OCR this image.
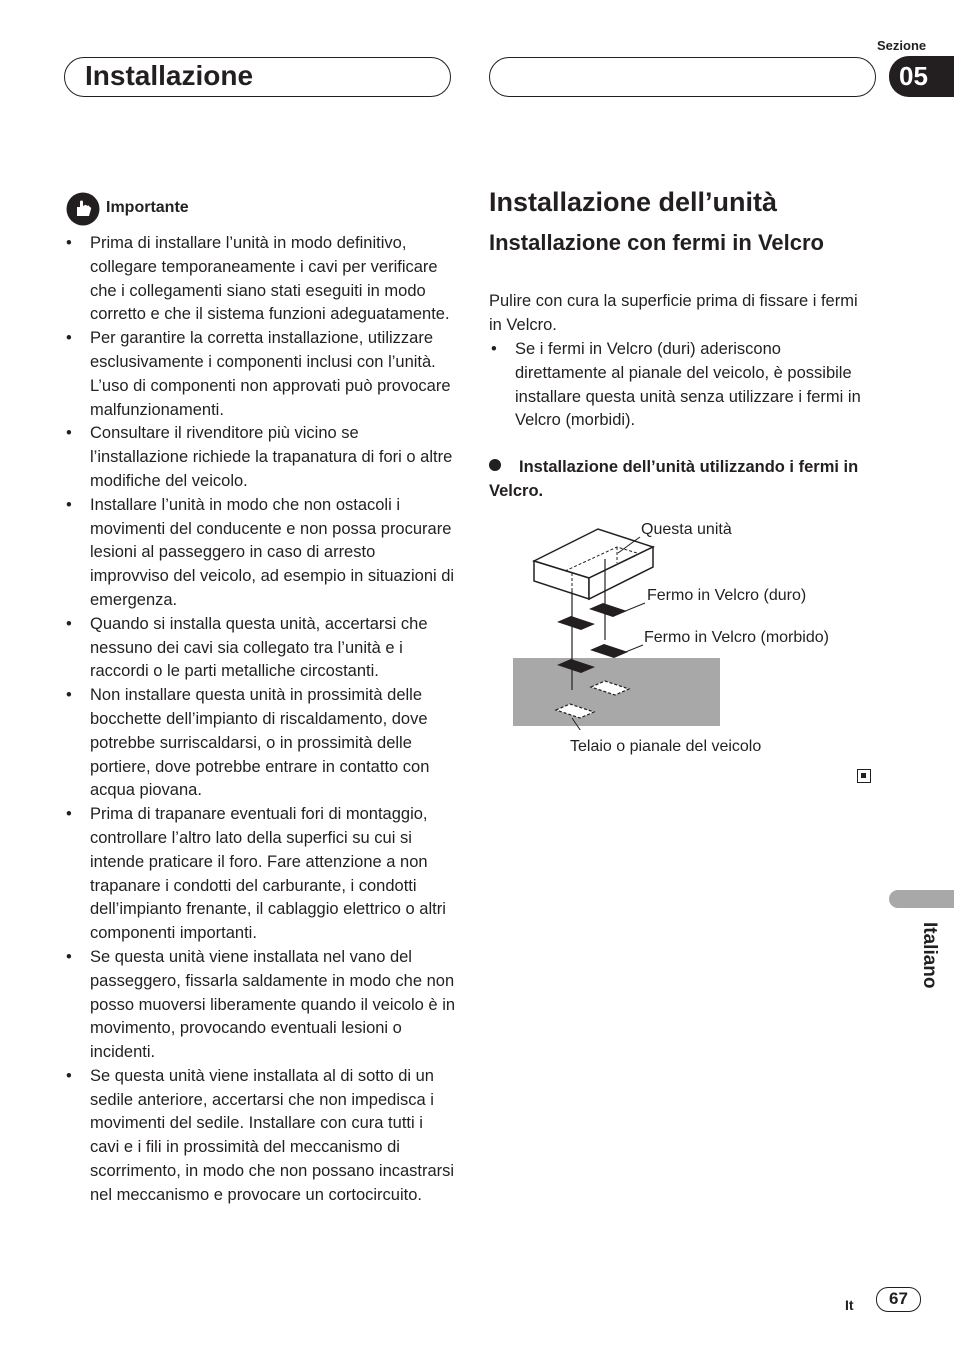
Installazione
Sezione
05
Italiano
Importante
• Prima di installare l’unità in modo definitivo, collegare temporaneamente i cavi per verificare che i collegamenti siano stati eseguiti in modo corretto e che il sistema funzioni adeguatamente.
• Per garantire la corretta installazione, utilizzare esclusivamente i componenti inclusi con l’unità. L’uso di componenti non approvati può provocare malfunzionamenti.
• Consultare il rivenditore più vicino se l’installazione richiede la trapanatura di fori o altre modifiche del veicolo.
• Installare l’unità in modo che non ostacoli i movimenti del conducente e non possa procurare lesioni al passeggero in caso di arresto improvviso del veicolo, ad esempio in situazioni di emergenza.
• Quando si installa questa unità, accertarsi che nessuno dei cavi sia collegato tra l’unità e i raccordi o le parti metalliche circostanti.
• Non installare questa unità in prossimità delle bocchette dell’impianto di riscaldamento, dove potrebbe surriscaldarsi, o in prossimità delle portiere, dove potrebbe entrare in contatto con acqua piovana.
• Prima di trapanare eventuali fori di montaggio, controllare l’altro lato della superfici su cui si intende praticare il foro. Fare attenzione a non trapanare i condotti del carburante, i condotti dell’impianto frenante, il cablaggio elettrico o altri componenti importanti.
• Se questa unità viene installata nel vano del passeggero, fissarla saldamente in modo che non posso muoversi liberamente quando il veicolo è in movimento, provocando eventuali lesioni o incidenti.
• Se questa unità viene installata al di sotto di un sedile anteriore, accertarsi che non impedisca i movimenti del sedile. Installare con cura tutti i cavi e i fili in prossimità del meccanismo di scorrimento, in modo che non possano incastrarsi nel meccanismo e provocare un cortocircuito.
Installazione dell’unità
Installazione con fermi in Velcro
Pulire con cura la superficie prima di fissare i fermi in Velcro.
• Se i fermi in Velcro (duri) aderiscono direttamente al pianale del veicolo, è possibile installare questa unità senza utilizzare i fermi in Velcro (morbidi).
Installazione dell’unità utilizzando i fermi in Velcro.
Questa unità
Fermo in Velcro (duro)
Fermo in Velcro (morbido)
Telaio o pianale del veicolo
It	67
